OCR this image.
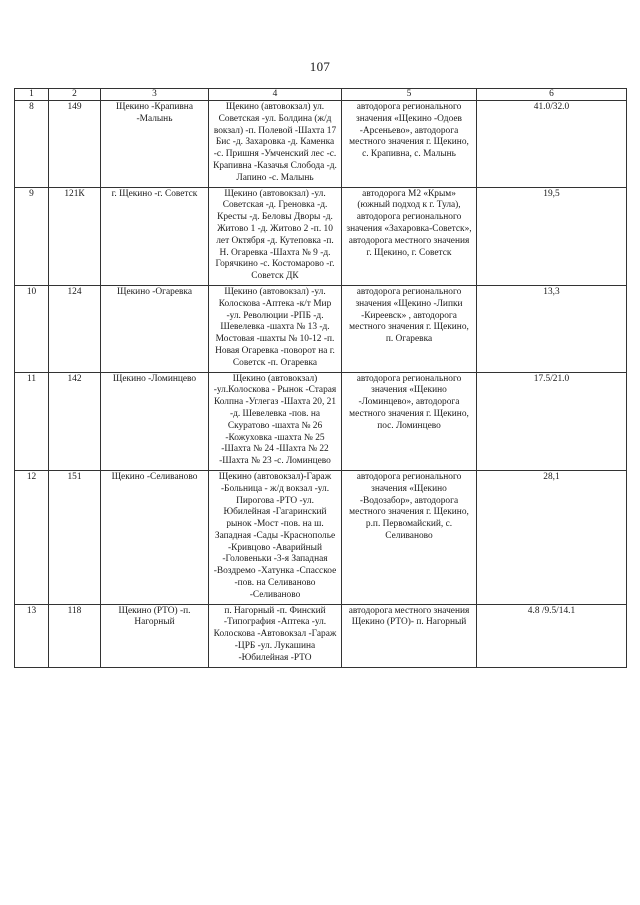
107
1	2	3	4	5	6
8	149	Щекино -Крапивна -Малынь	Щекино (автовокзал) ул. Советская -ул. Болдина (ж/д вокзал) -п. Полевой -Шахта 17 Бис -д. Захаровка -д. Каменка -с. Пришня -Умченский лес -с. Крапивна -Казачья Слобода -д. Лапино -с. Малынь	автодорога регионального значения «Щекино -Одоев -Арсеньево», автодорога местного значения г. Щекино, с. Крапивна, с. Малынь	41.0/32.0
9	121К	г. Щекино -г. Советск	Щекино (автовокзал) -ул. Советская -д. Греновка -д. Кресты -д. Беловы Дворы -д. Житово 1 -д. Житово 2 -п. 10 лет Октября -д. Кутеповка -п. Н. Огаревка -Шахта № 9 -д. Горячкино -с. Костомарово -г. Советск ДК	автодорога М2 «Крым» (южный подход к г. Тула), автодорога регионального значения «Захаровка-Советск», автодорога местного значения г. Щекино, г. Советск	19,5
10	124	Щекино -Огаревка	Щекино (автовокзал) -ул. Колоскова -Аптека -к/т Мир -ул. Революции -РПБ -д. Шевелевка -шахта № 13 -д. Мостовая -шахты № 10-12 -п. Новая Огаревка -поворот на г. Советск -п. Огаревка	автодорога регионального значения «Щекино -Липки -Киреевск» , автодорога местного значения г. Щекино, п. Огаревка	13,3
11	142	Щекино -Ломинцево	Щекино (автовокзал) -ул.Колоскова - Рынок -Старая Колпна -Углегаз -Шахта 20, 21 -д. Шевелевка -пов. на Скуратово -шахта № 26 -Кожуховка -шахта № 25 -Шахта № 24 -Шахта № 22 -Шахта № 23 -с. Ломинцево	автодорога регионального значения «Щекино -Ломинцево», автодорога местного значения г. Щекино, пос. Ломинцево	17.5/21.0
12	151	Щекино -Селиваново	Щекино (автовокзал)-Гараж -Больница - ж/д вокзал -ул. Пирогова -РТО -ул. Юбилейная -Гагаринский рынок -Мост -пов. на ш. Западная -Сады -Краснополье -Кривцово -Аварийный -Головеньки -3-я Западная -Воздремо -Хатунка -Спасское -пов. на Селиваново -Селиваново	автодорога регионального значения «Щекино -Водозабор», автодорога местного значения г. Щекино, р.п. Первомайский, с. Селиваново	28,1
13	118	Щекино (РТО) -п. Нагорный	п. Нагорный -п. Финский -Типография -Аптека -ул. Колоскова -Автовокзал -Гараж -ЦРБ -ул. Лукашина -Юбилейная -РТО	автодорога местного значения Щекино (РТО)- п. Нагорный	4.8 /9.5/14.1
